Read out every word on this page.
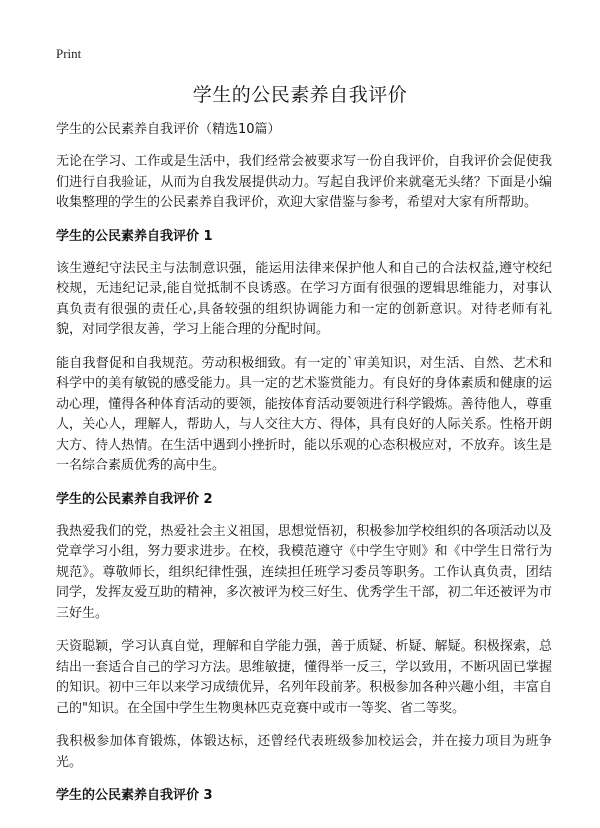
Print
学生的公民素养自我评价

学生的公民素养自我评价（精选10篇）

无论在学习、工作或是生活中，我们经常会被要求写一份自我评价，自我评价会促使我们进行自我验证，从而为自我发展提供动力。写起自我评价来就毫无头绪？下面是小编收集整理的学生的公民素养自我评价，欢迎大家借鉴与参考，希望对大家有所帮助。

学生的公民素养自我评价 1

该生遵纪守法民主与法制意识强，能运用法律来保护他人和自己的合法权益,遵守校纪校规，无违纪记录,能自觉抵制不良诱惑。在学习方面有很强的逻辑思维能力，对事认真负责有很强的责任心,具备较强的组织协调能力和一定的创新意识。对待老师有礼貌，对同学很友善，学习上能合理的分配时间。

能自我督促和自我规范。劳动积极细致。有一定的`审美知识，对生活、自然、艺术和科学中的美有敏锐的感受能力。具一定的艺术鉴赏能力。有良好的身体素质和健康的运动心理，懂得各种体育活动的要领，能按体育活动要领进行科学锻炼。善待他人，尊重人，关心人，理解人，帮助人，与人交往大方、得体，具有良好的人际关系。性格开朗大方、待人热情。在生活中遇到小挫折时，能以乐观的心态积极应对，不放弃。该生是一名综合素质优秀的高中生。

学生的公民素养自我评价 2

我热爱我们的党，热爱社会主义祖国，思想觉悟初，积极参加学校组织的各项活动以及党章学习小组，努力要求进步。在校，我模范遵守《中学生守则》和《中学生日常行为规范》。尊敬师长，组织纪律性强，连续担任班学习委员等职务。工作认真负责，团结同学，发挥友爱互助的精神，多次被评为校三好生、优秀学生干部，初二年还被评为市三好生。

天资聪颖，学习认真自觉，理解和自学能力强，善于质疑、析疑、解疑。积极探索，总结出一套适合自己的学习方法。思维敏捷，懂得举一反三，学以致用，不断巩固已掌握的知识。初中三年以来学习成绩优异，名列年段前茅。积极参加各种兴趣小组，丰富自己的"知识。在全国中学生生物奥林匹克竞赛中或市一等奖、省二等奖。

我积极参加体育锻炼，体锻达标，还曾经代表班级参加校运会，并在接力项目为班争光。

学生的公民素养自我评价 3
